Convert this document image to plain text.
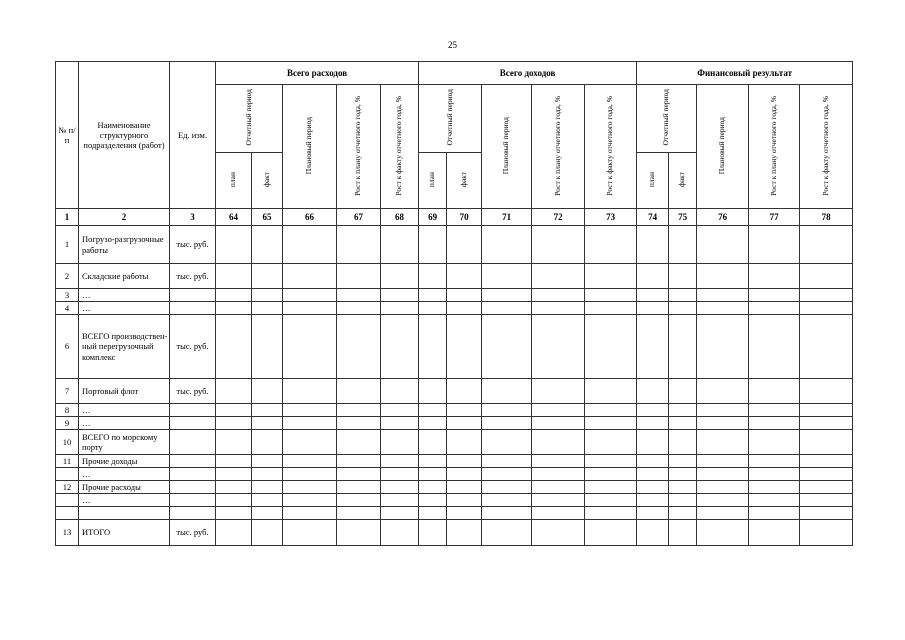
25
№ п/ п	Наименование структурного подразделения (работ)	Ед. изм.	Всего расходов					Всего доходов					Финансовый результат				
			Отчетный период		Плановый период	Рост к плану отчетного года, %	Рост к факту отчетного года, %	Отчетный период		Плановый период	Рост к плану отчетного года, %	Рост к факту отчетного года, %	Отчетный период		Плановый период	Рост к плану отчетного года, %	Рост к факту отчетного года, %
			план	факт				план	факт				план	факт			
1	2	3	64	65	66	67	68	69	70	71	72	73	74	75	76	77	78
1	Погрузо-разгрузочные работы	тыс. руб.															
2	Складские работы	тыс. руб.															
3	…																
4	…																
6	ВСЕГО производствен-ный перегрузочный комплекс	тыс. руб.															
7	Портовый флот	тыс. руб.															
8	…																
9	…																
10	ВСЕГО по морскому порту																
11	Прочие доходы																
	…																
12	Прочие расходы																
	…																

13	ИТОГО	тыс. руб.															
